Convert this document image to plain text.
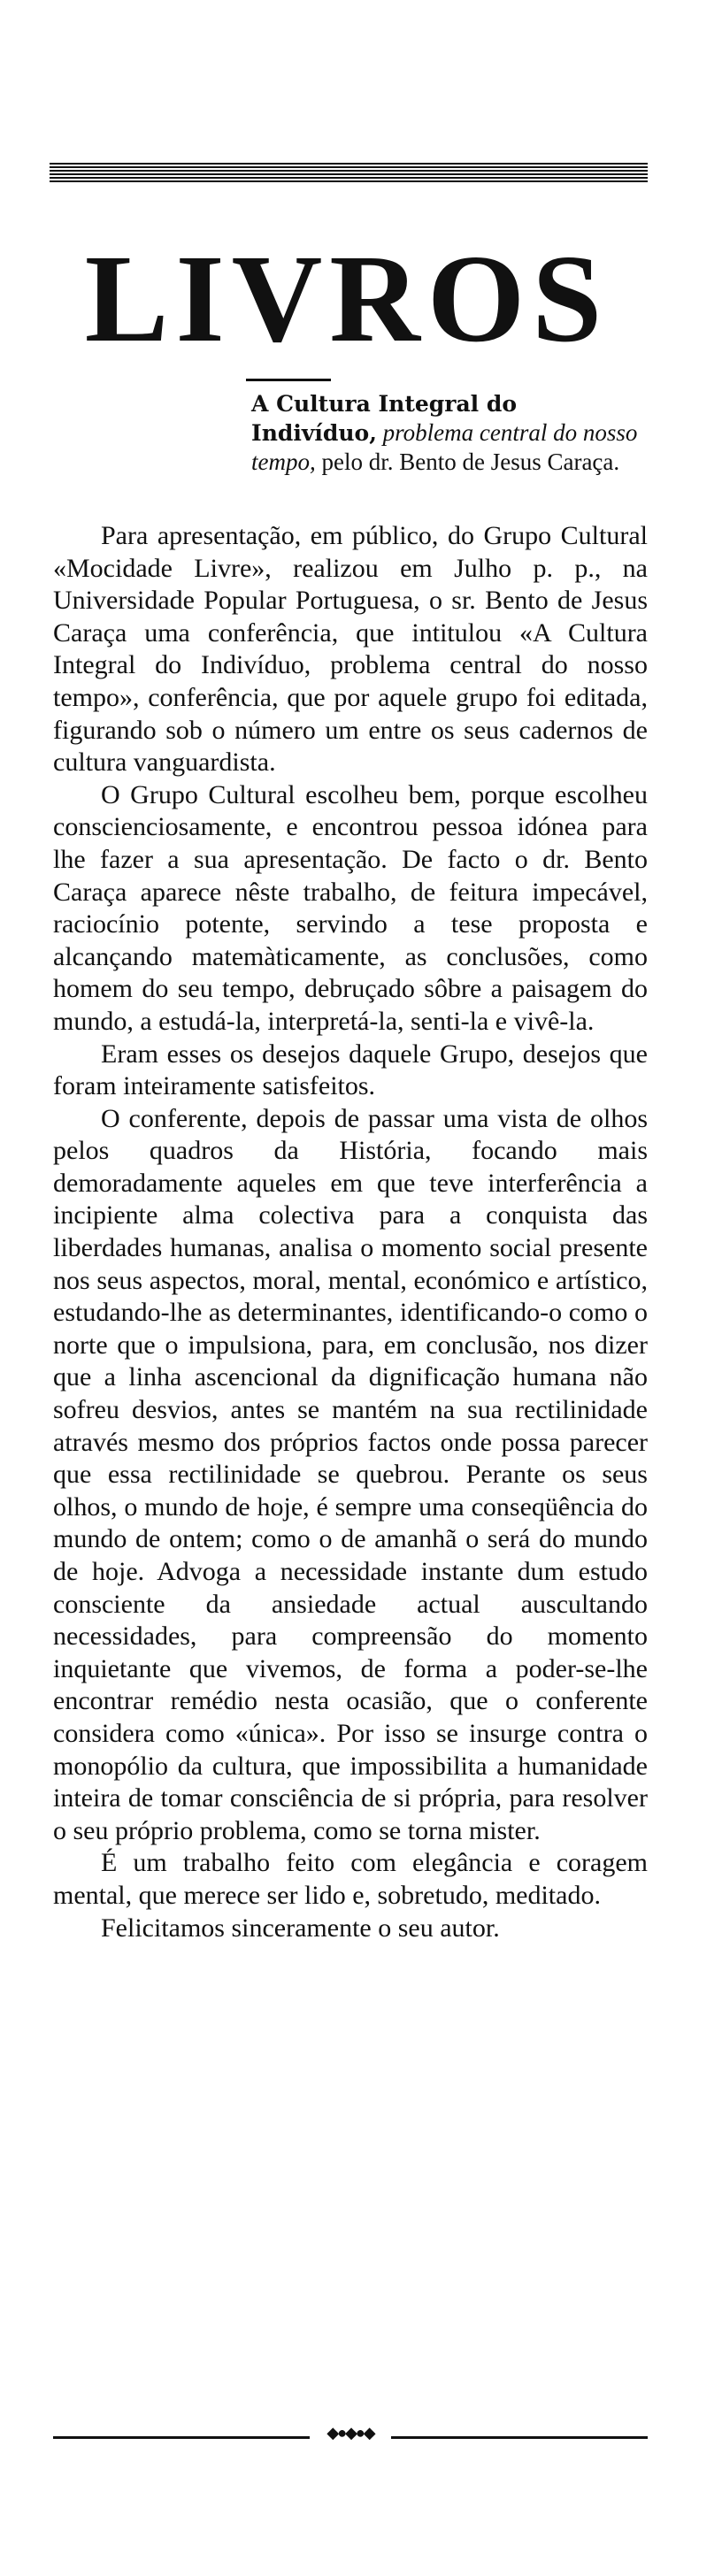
LIVROS
A Cultura Integral do Indivíduo, problema central do nosso tempo, pelo dr. Bento de Jesus Caraça.

Para apresentação, em público, do Grupo Cultural «Mocidade Livre», realizou em Julho p. p., na Universidade Popular Portuguesa, o sr. Bento de Jesus Caraça uma conferência, que intitulou «A Cultura Integral do Indivíduo, problema central do nosso tempo», conferência, que por aquele grupo foi editada, figurando sob o número um entre os seus cadernos de cultura vanguardista.

O Grupo Cultural escolheu bem, porque escolheu conscienciosamente, e encontrou pessoa idónea para lhe fazer a sua apresentação. De facto o dr. Bento Caraça aparece nêste trabalho, de feitura impecável, raciocínio potente, servindo a tese proposta e alcançando matemàticamente, as conclusões, como homem do seu tempo, debruçado sôbre a paisagem do mundo, a estudá-la, interpretá-la, senti-la e vivê-la.

Eram esses os desejos daquele Grupo, desejos que foram inteiramente satisfeitos.

O conferente, depois de passar uma vista de olhos pelos quadros da História, focando mais demoradamente aqueles em que teve interferência a incipiente alma colectiva para a conquista das liberdades humanas, analisa o momento social presente nos seus aspectos, moral, mental, económico e artístico, estudando-lhe as determinantes, identificando-o como o norte que o impulsiona, para, em conclusão, nos dizer que a linha ascencional da dignificação humana não sofreu desvios, antes se mantém na sua rectilinidade através mesmo dos próprios factos onde possa parecer que essa rectilinidade se quebrou. Perante os seus olhos, o mundo de hoje, é sempre uma conseqüência do mundo de ontem; como o de amanhã o será do mundo de hoje. Advoga a necessidade instante dum estudo consciente da ansiedade actual auscultando necessidades, para compreensão do momento inquietante que vivemos, de forma a poder-se-lhe encontrar remédio nesta ocasião, que o conferente considera como «única». Por isso se insurge contra o monopólio da cultura, que impossibilita a humanidade inteira de tomar consciência de si própria, para resolver o seu próprio problema, como se torna mister.

É um trabalho feito com elegância e coragem mental, que merece ser lido e, sobretudo, meditado.

Felicitamos sinceramente o seu autor.

◆●◆●◆
